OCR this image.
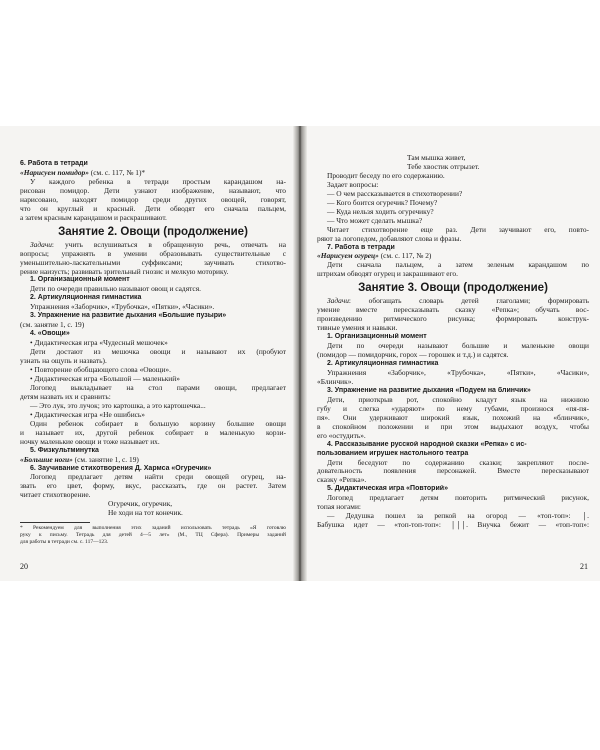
6. Работа в тетради
«Нарисуем помидор» (см. с. 117, № 1)*
У каждого ребенка в тетради простым карандашом на-
рисован помидор. Дети узнают изображение, называют, что
нарисовано, находят помидор среди других овощей, говорят,
что он круглый и красный. Дети обводят его сначала пальцем,
а затем красным карандашом и раскрашивают.
Занятие 2. Овощи (продолжение)
Задачи: учить вслушиваться в обращенную речь, отвечать на
вопросы; упражнять в умении образовывать существительные с
уменьшительно-ласкательными суффиксами; заучивать стихотво-
рение наизусть; развивать зрительный гнозис и мелкую моторику.
1. Организационный момент
Дети по очереди правильно называют овощ и садятся.
2. Артикуляционная гимнастика
Упражнения «Заборчик», «Трубочка», «Пятки», «Часики».
3. Упражнение на развитие дыхания «Большие пузыри»
(см. занятие 1, с. 19)
4. «Овощи»
• Дидактическая игра «Чудесный мешочек»
Дети достают из мешочка овощи и называют их (пробуют
узнать на ощупь и назвать).
• Повторение обобщающего слова «Овощи».
• Дидактическая игра «Большой — маленький»
Логопед выкладывает на стол парами овощи, предлагает
детям назвать их и сравнить:
— Это лук, это лучок; это картошка, а это картошечка...
• Дидактическая игра «Не ошибись»
Один ребенок собирает в большую корзину большие овощи
и называет их, другой ребенок собирает в маленькую корзи-
ночку маленькие овощи и тоже называет их.
5. Физкультминутка
«Большие ноги» (см. занятие 1, с. 19)
6. Заучивание стихотворения Д. Хармса «Огуречик»
Логопед предлагает детям найти среди овощей огурец, на-
звать его цвет, форму, вкус, рассказать, где он растет. Затем
читает стихотворение.
Огуречик, огуречик,
Не ходи на тот конечик.
* Рекомендуем для выполнения этих заданий использовать тетрадь «Я готовлю
руку к письму. Тетрадь для детей 4—5 лет» (М., ТЦ Сфера). Примеры заданий
для работы в тетради см. с. 117—123.
20
Там мышка живет,
Тебе хвостик отгрызет.
Проводит беседу по его содержанию.
Задает вопросы:
— О чем рассказывается в стихотворении?
— Кого боится огуречик? Почему?
— Куда нельзя ходить огуречику?
— Что может сделать мышка?
Читает стихотворение еще раз. Дети заучивают его, повто-
ряют за логопедом, добавляют слова и фразы.
7. Работа в тетради
«Нарисуем огурец» (см. с. 117, № 2)
Дети сначала пальцем, а затем зеленым карандашом по
штрихам обводят огурец и закрашивают его.
Занятие 3. Овощи (продолжение)
Задачи: обогащать словарь детей глаголами; формировать
умение вместе пересказывать сказку «Репка»; обучать вос-
произведению ритмического рисунка; формировать конструк-
тивные умения и навыки.
1. Организационный момент
Дети по очереди называют большие и маленькие овощи
(помидор — помидорчик, горох — горошек и т.д.) и садятся.
2. Артикуляционная гимнастика
Упражнения «Заборчик», «Трубочка», «Пятки», «Часики»,
«Блинчик».
3. Упражнение на развитие дыхания «Подуем на блинчик»
Дети, приоткрыв рот, спокойно кладут язык на нижнюю
губу и слегка «ударяют» по нему губами, произнося «пя-пя-
пя». Они удерживают широкий язык, похожий на «блинчик»,
в спокойном положении и при этом выдыхают воздух, чтобы
его «остудить».
4. Рассказывание русской народной сказки «Репка» с ис-
пользованием игрушек настольного театра
Дети беседуют по содержанию сказки; закрепляют после-
довательность появления персонажей. Вместе пересказывают
сказку «Репка».
5. Дидактическая игра «Повторий»
Логопед предлагает детям повторить ритмический рисунок,
топая ногами:
— Дедушка пошел за репкой на огород — «топ-топ»: │.
Бабушка идет — «топ-топ-топ»: │││. Внучка бежит — «топ-топ»:
21
